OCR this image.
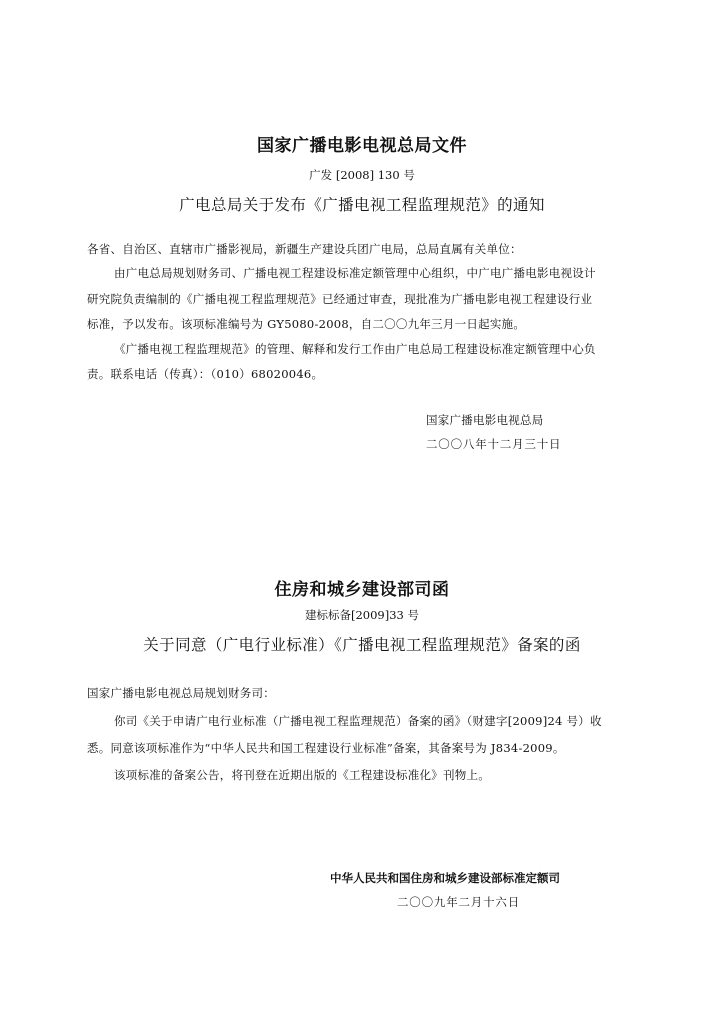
国家广播电影电视总局文件
广发 [2008] 130 号
广电总局关于发布《广播电视工程监理规范》的通知
各省、自治区、直辖市广播影视局，新疆生产建设兵团广电局，总局直属有关单位：
由广电总局规划财务司、广播电视工程建设标准定额管理中心组织，中广电广播电影电视设计
研究院负责编制的《广播电视工程监理规范》已经通过审查，现批准为广播电影电视工程建设行业
标准，予以发布。该项标准编号为 GY5080-2008，自二〇〇九年三月一日起实施。
《广播电视工程监理规范》的管理、解释和发行工作由广电总局工程建设标准定额管理中心负
责。联系电话（传真）：（010）68020046。
国家广播电影电视总局
二〇〇八年十二月三十日
住房和城乡建设部司函
建标标备[2009]33 号
关于同意（广电行业标准）《广播电视工程监理规范》备案的函
国家广播电影电视总局规划财务司：
你司《关于申请广电行业标准（广播电视工程监理规范）备案的函》（财建字[2009]24 号）收
悉。同意该项标准作为“中华人民共和国工程建设行业标准”备案，其备案号为 J834-2009。
该项标准的备案公告，将刊登在近期出版的《工程建设标准化》刊物上。
中华人民共和国住房和城乡建设部标准定额司
二〇〇九年二月十六日
